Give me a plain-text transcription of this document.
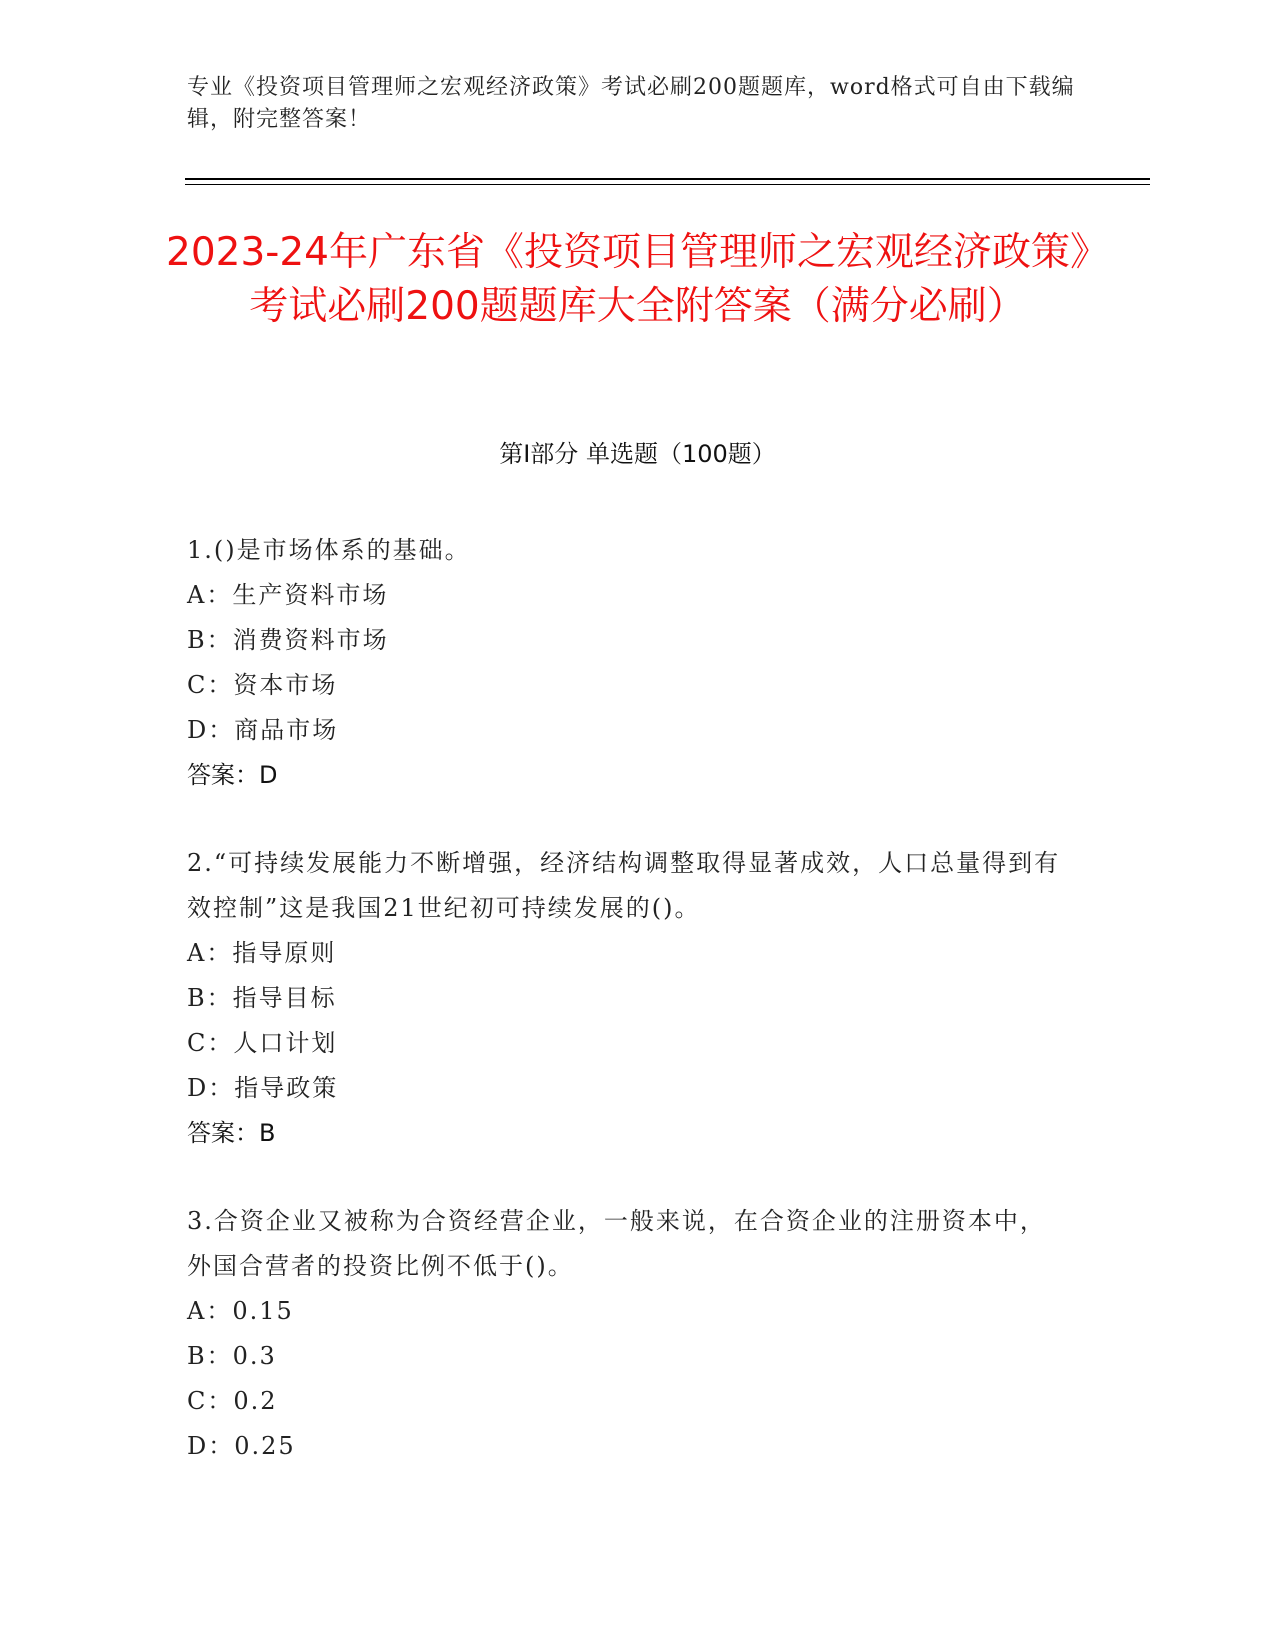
专业《投资项目管理师之宏观经济政策》考试必刷200题题库，word格式可自由下载编辑，附完整答案！
2023-24年广东省《投资项目管理师之宏观经济政策》考试必刷200题题库大全附答案（满分必刷）
第Ⅰ部分 单选题（100题）
1.()是市场体系的基础。
A：生产资料市场
B：消费资料市场
C：资本市场
D：商品市场
答案：D
2.“可持续发展能力不断增强，经济结构调整取得显著成效，人口总量得到有效控制”这是我国21世纪初可持续发展的()。
A：指导原则
B：指导目标
C：人口计划
D：指导政策
答案：B
3.合资企业又被称为合资经营企业，一般来说，在合资企业的注册资本中，外国合营者的投资比例不低于()。
A：0.15
B：0.3
C：0.2
D：0.25
